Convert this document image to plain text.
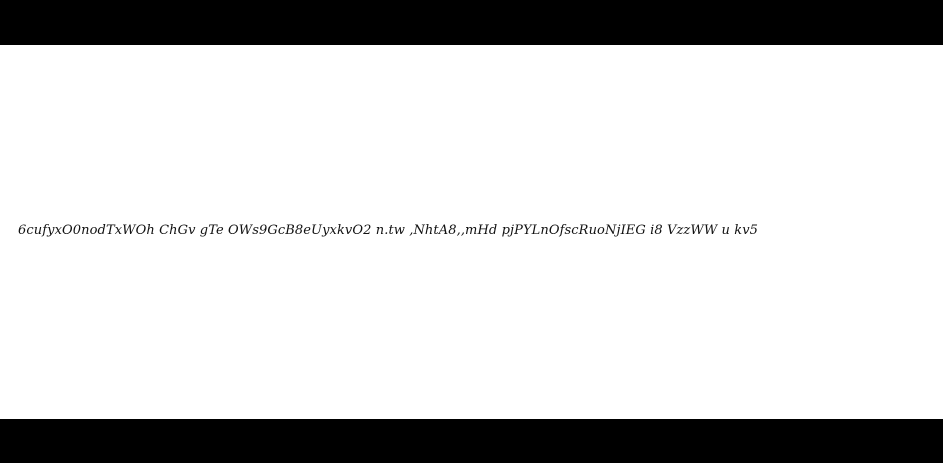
6cufyxO0nodTxWOh ChGv gTe OWs9GcB8eUyxkvO2 n.tw ,NhtA8,,mHd pjPYLnOfscRuoNjIEG i8 VzzWW u kv5
